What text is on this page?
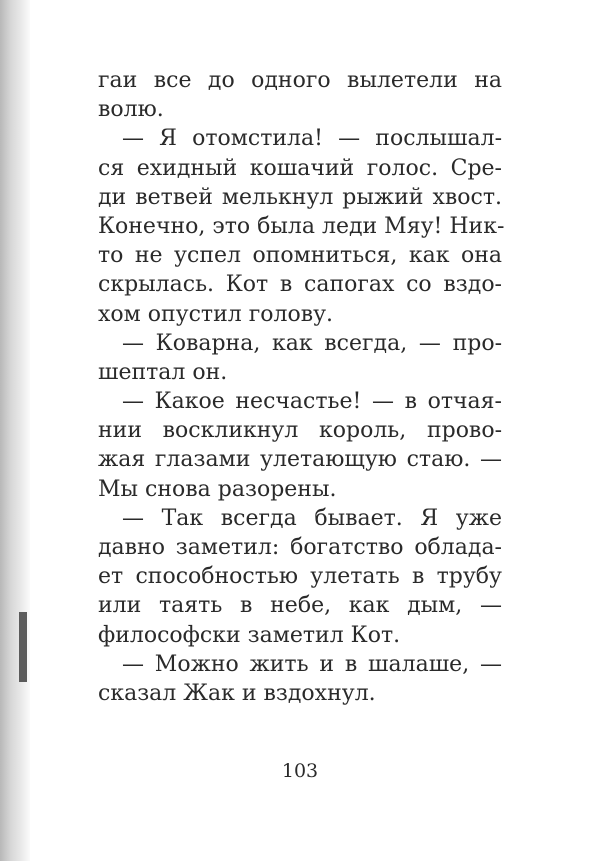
гаи все до одного вылетели на
волю.
— Я отомстила! — послышал-
ся ехидный кошачий голос. Сре-
ди ветвей мелькнул рыжий хвост.
Конечно, это была леди Мяу! Ник-
то не успел опомниться, как она
скрылась. Кот в сапогах со вздо-
хом опустил голову.
— Коварна, как всегда, — про-
шептал он.
— Какое несчастье! — в отчая-
нии воскликнул король, прово-
жая глазами улетающую стаю. —
Мы снова разорены.
— Так всегда бывает. Я уже
давно заметил: богатство облада-
ет способностью улетать в трубу
или таять в небе, как дым, —
философски заметил Кот.
— Можно жить и в шалаше, —
сказал Жак и вздохнул.
103
